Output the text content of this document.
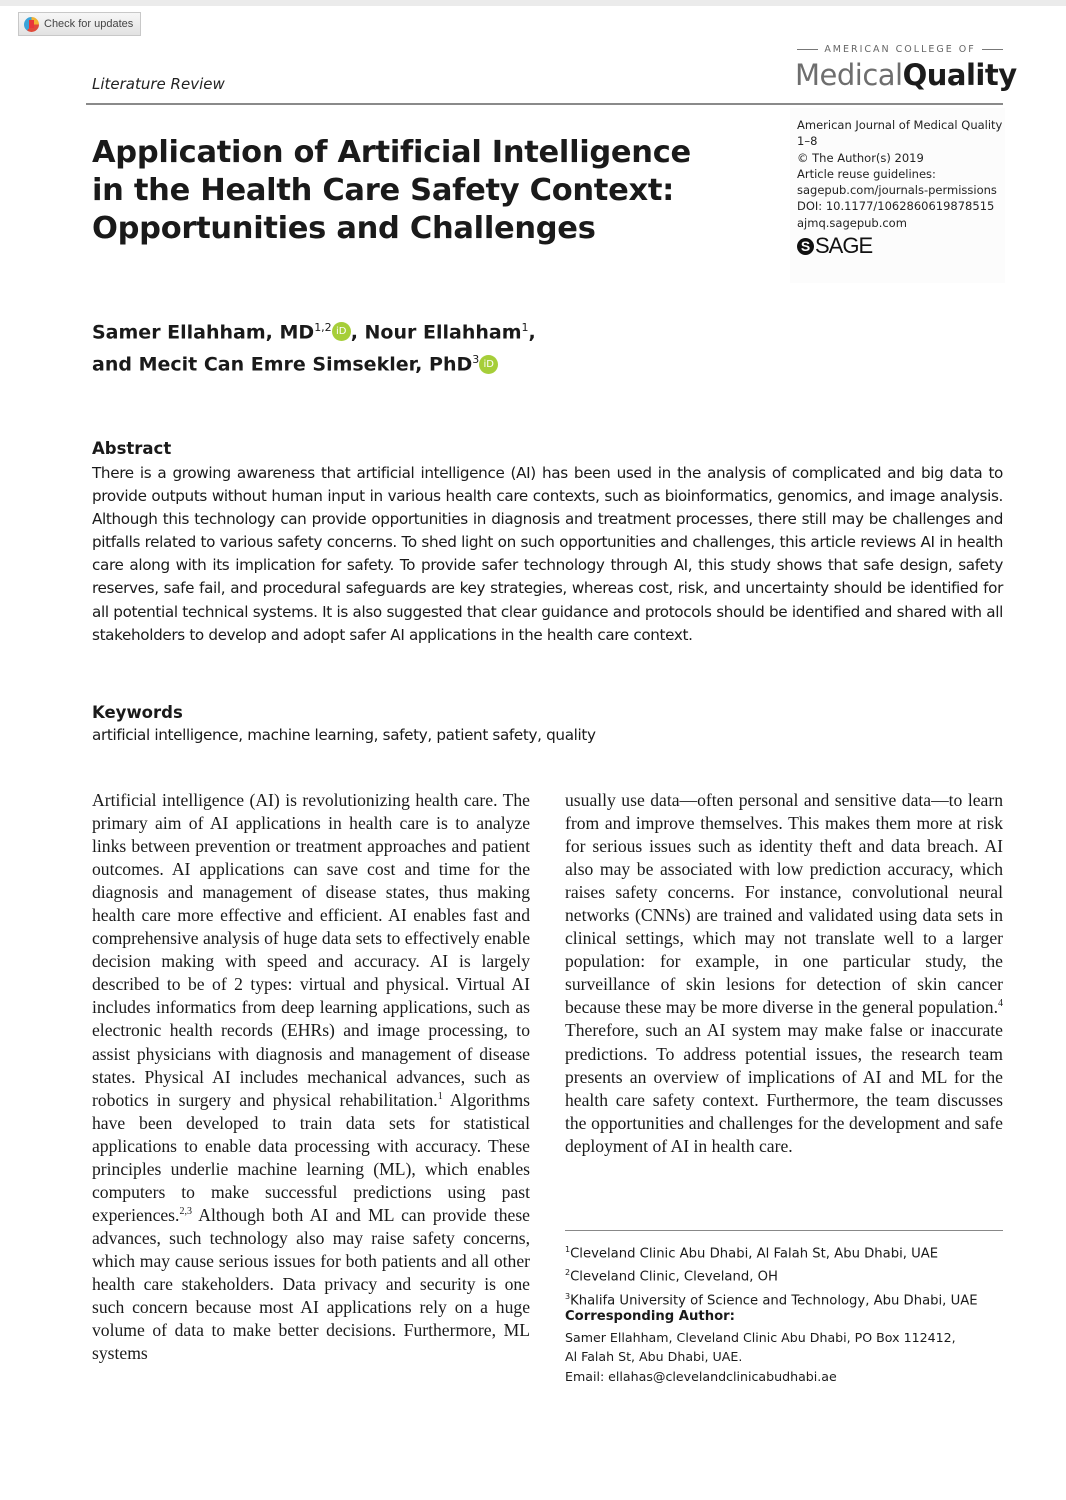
Check for updates
Literature Review
AMERICAN COLLEGE OF
MedicalQuality
American Journal of Medical Quality
1–8
© The Author(s) 2019
Article reuse guidelines:
sagepub.com/journals-permissions
DOI: 10.1177/1062860619878515
ajmq.sagepub.com
S SAGE
Application of Artificial Intelligence in the Health Care Safety Context: Opportunities and Challenges
Samer Ellahham, MD$^{1,2}$ iD , Nour Ellahham$^1$,
and Mecit Can Emre Simsekler, PhD$^3$ iD
Abstract

There is a growing awareness that artificial intelligence (AI) has been used in the analysis of complicated and big data to provide outputs without human input in various health care contexts, such as bioinformatics, genomics, and image analysis. Although this technology can provide opportunities in diagnosis and treatment processes, there still may be challenges and pitfalls related to various safety concerns. To shed light on such opportunities and challenges, this article reviews AI in health care along with its implication for safety. To provide safer technology through AI, this study shows that safe design, safety reserves, safe fail, and procedural safeguards are key strategies, whereas cost, risk, and uncertainty should be identified for all potential technical systems. It is also suggested that clear guidance and protocols should be identified and shared with all stakeholders to develop and adopt safer AI applications in the health care context.

Keywords
artificial intelligence, machine learning, safety, patient safety, quality

Artificial intelligence (AI) is revolutionizing health care. The primary aim of AI applications in health care is to analyze links between prevention or treatment approaches and patient outcomes. AI applications can save cost and time for the diagnosis and management of disease states, thus making health care more effective and efficient. AI enables fast and comprehensive analysis of huge data sets to effectively enable decision making with speed and accuracy. AI is largely described to be of 2 types: virtual and physical. Virtual AI includes informatics from deep learning applications, such as electronic health records (EHRs) and image processing, to assist physicians with diagnosis and management of disease states. Physical AI includes mechanical advances, such as robotics in surgery and physical rehabilitation.$^1$ Algorithms have been developed to train data sets for statistical applications to enable data processing with accuracy. These principles underlie machine learning (ML), which enables computers to make successful predictions using past experiences.$^{2,3}$ Although both AI and ML can provide these advances, such technology also may raise safety concerns, which may cause serious issues for both patients and all other health care stakeholders. Data privacy and security is one such concern because most AI applications rely on a huge volume of data to make better decisions. Furthermore, ML systems

usually use data—often personal and sensitive data—to learn from and improve themselves. This makes them more at risk for serious issues such as identity theft and data breach. AI also may be associated with low prediction accuracy, which raises safety concerns. For instance, convolutional neural networks (CNNs) are trained and validated using data sets in clinical settings, which may not translate well to a larger population: for example, in one particular study, the surveillance of skin lesions for detection of skin cancer because these may be more diverse in the general population.$^4$ Therefore, such an AI system may make false or inaccurate predictions. To address potential issues, the research team presents an overview of implications of AI and ML for the health care safety context. Furthermore, the team discusses the opportunities and challenges for the development and safe deployment of AI in health care.

$^1$Cleveland Clinic Abu Dhabi, Al Falah St, Abu Dhabi, UAE
$^2$Cleveland Clinic, Cleveland, OH
$^3$Khalifa University of Science and Technology, Abu Dhabi, UAE
Corresponding Author:
Samer Ellahham, Cleveland Clinic Abu Dhabi, PO Box 112412,
Al Falah St, Abu Dhabi, UAE.
Email: ellahas@clevelandclinicabudhabi.ae
